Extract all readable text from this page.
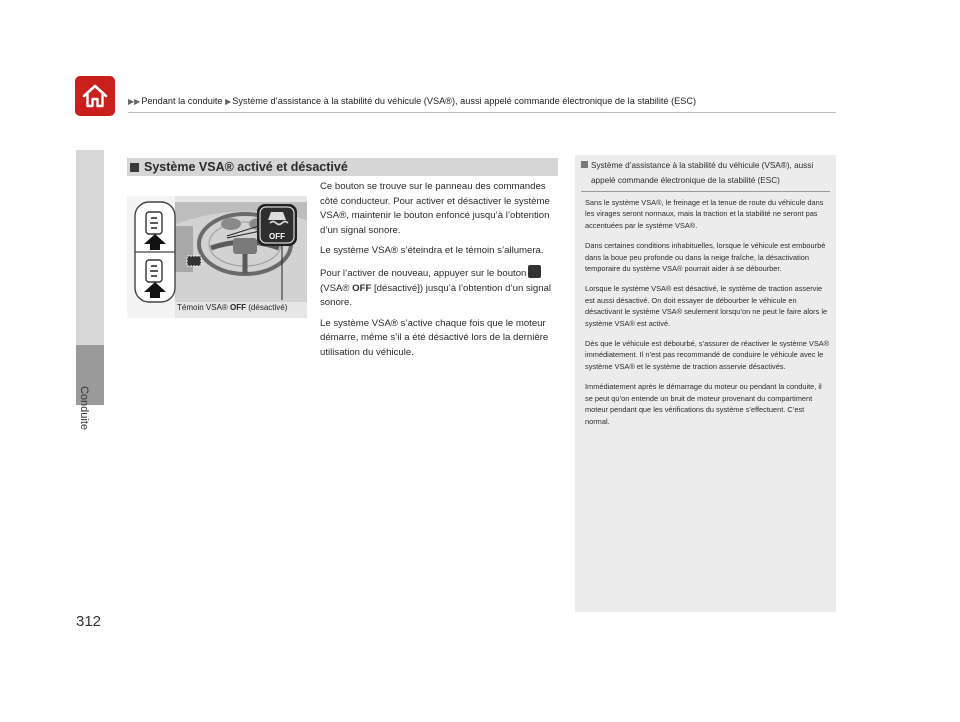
Conduite
312
▶▶Pendant la conduite ▶Système d’assistance à la stabilité du véhicule (VSA®), aussi appelé commande électronique de la stabilité (ESC)
Système VSA® activé et désactivé
OFF
Témoin VSA® OFF (désactivé)

Ce bouton se trouve sur le panneau des commandes côté conducteur. Pour activer et désactiver le système VSA®, maintenir le bouton enfoncé jusqu’à l’obtention d’un signal sonore.

Le système VSA® s’éteindra et le témoin s’allumera.

Pour l’activer de nouveau, appuyer sur le bouton (VSA® OFF [désactivé]) jusqu’à l’obtention d’un signal sonore.

Le système VSA® s’active chaque fois que le moteur démarre, même s’il a été désactivé lors de la dernière utilisation du véhicule.

Système d’assistance à la stabilité du véhicule (VSA®), aussi appelé commande électronique de la stabilité (ESC)
Sans le système VSA®, le freinage et la tenue de route du véhicule dans les virages seront normaux, mais la traction et la stabilité ne seront pas accentuées par le système VSA®.
Dans certaines conditions inhabituelles, lorsque le véhicule est embourbé dans la boue peu profonde ou dans la neige fraîche, la désactivation temporaire du système VSA® pourrait aider à se débourber.
Lorsque le système VSA® est désactivé, le système de traction asservie est aussi désactivé. On doit essayer de débourber le véhicule en désactivant le système VSA® seulement lorsqu’on ne peut le faire alors le système VSA® est activé.
Dès que le véhicule est débourbé, s’assurer de réactiver le système VSA® immédiatement. Il n’est pas recommandé de conduire le véhicule avec le système VSA® et le système de traction asservie désactivés.
Immédiatement après le démarrage du moteur ou pendant la conduite, il se peut qu’on entende un bruit de moteur provenant du compartiment moteur pendant que les vérifications du système s’effectuent. C’est normal.
